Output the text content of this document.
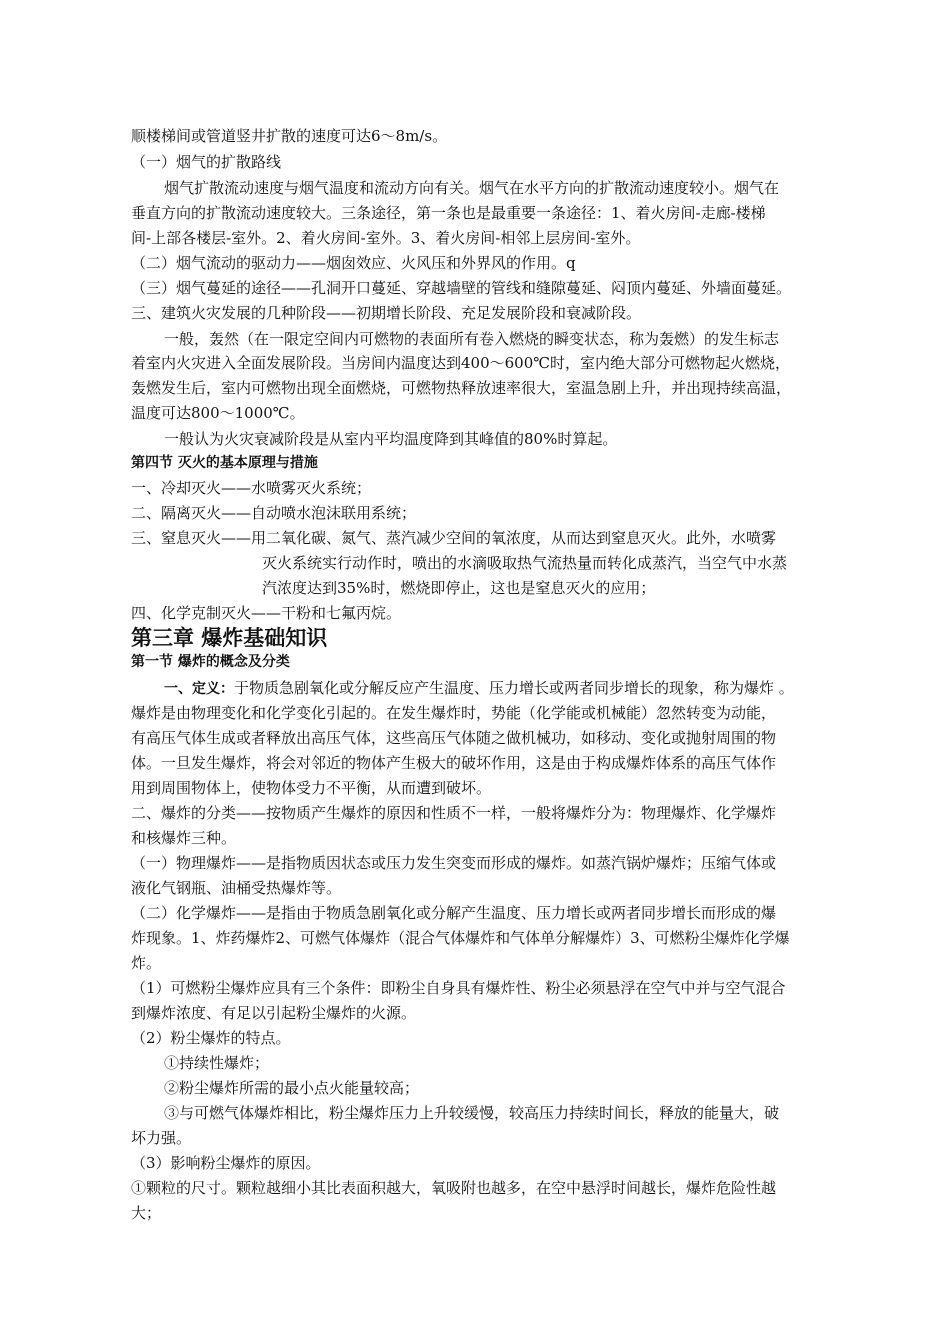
顺楼梯间或管道竖井扩散的速度可达6～8m/s。
（一）烟气的扩散路线
烟气扩散流动速度与烟气温度和流动方向有关。烟气在水平方向的扩散流动速度较小。烟气在
垂直方向的扩散流动速度较大。三条途径，第一条也是最重要一条途径：1、着火房间-走廊-楼梯
间-上部各楼层-室外。2、着火房间-室外。3、着火房间-相邻上层房间-室外。
（二）烟气流动的驱动力——烟囱效应、火风压和外界风的作用。q
（三）烟气蔓延的途径——孔洞开口蔓延、穿越墙壁的管线和缝隙蔓延、闷顶内蔓延、外墙面蔓延。
三、建筑火灾发展的几种阶段——初期增长阶段、充足发展阶段和衰减阶段。
一般，轰然（在一限定空间内可燃物的表面所有卷入燃烧的瞬变状态，称为轰燃）的发生标志
着室内火灾进入全面发展阶段。当房间内温度达到400～600℃时，室内绝大部分可燃物起火燃烧，
轰燃发生后，室内可燃物出现全面燃烧，可燃物热释放速率很大，室温急剧上升，并出现持续高温，
温度可达800～1000℃。
一般认为火灾衰减阶段是从室内平均温度降到其峰值的80%时算起。
第四节 灭火的基本原理与措施
一、冷却灭火——水喷雾灭火系统；
二、隔离灭火——自动喷水泡沫联用系统；
三、窒息灭火——用二氧化碳、氮气、蒸汽减少空间的氧浓度，从而达到窒息灭火。此外，水喷雾
灭火系统实行动作时，喷出的水滴吸取热气流热量而转化成蒸汽，当空气中水蒸
汽浓度达到35%时，燃烧即停止，这也是窒息灭火的应用；
四、化学克制灭火——干粉和七氟丙烷。
第三章 爆炸基础知识
第一节 爆炸的概念及分类
一、定义：于物质急剧氧化或分解反应产生温度、压力增长或两者同步增长的现象，称为爆炸 。
爆炸是由物理变化和化学变化引起的。在发生爆炸时，势能（化学能或机械能）忽然转变为动能，
有高压气体生成或者释放出高压气体，这些高压气体随之做机械功，如移动、变化或抛射周围的物
体。一旦发生爆炸，将会对邻近的物体产生极大的破坏作用，这是由于构成爆炸体系的高压气体作
用到周围物体上，使物体受力不平衡，从而遭到破坏。
二、爆炸的分类——按物质产生爆炸的原因和性质不一样，一般将爆炸分为：物理爆炸、化学爆炸
和核爆炸三种。
（一）物理爆炸——是指物质因状态或压力发生突变而形成的爆炸。如蒸汽锅炉爆炸；压缩气体或
液化气钢瓶、油桶受热爆炸等。
（二）化学爆炸——是指由于物质急剧氧化或分解产生温度、压力增长或两者同步增长而形成的爆
炸现象。1、炸药爆炸2、可燃气体爆炸（混合气体爆炸和气体单分解爆炸）3、可燃粉尘爆炸化学爆
炸。
（1）可燃粉尘爆炸应具有三个条件：即粉尘自身具有爆炸性、粉尘必须悬浮在空气中并与空气混合
到爆炸浓度、有足以引起粉尘爆炸的火源。
（2）粉尘爆炸的特点。
①持续性爆炸；
②粉尘爆炸所需的最小点火能量较高；
③与可燃气体爆炸相比，粉尘爆炸压力上升较缓慢，较高压力持续时间长，释放的能量大，破
坏力强。
（3）影响粉尘爆炸的原因。
①颗粒的尺寸。颗粒越细小其比表面积越大，氧吸附也越多，在空中悬浮时间越长，爆炸危险性越
大；
